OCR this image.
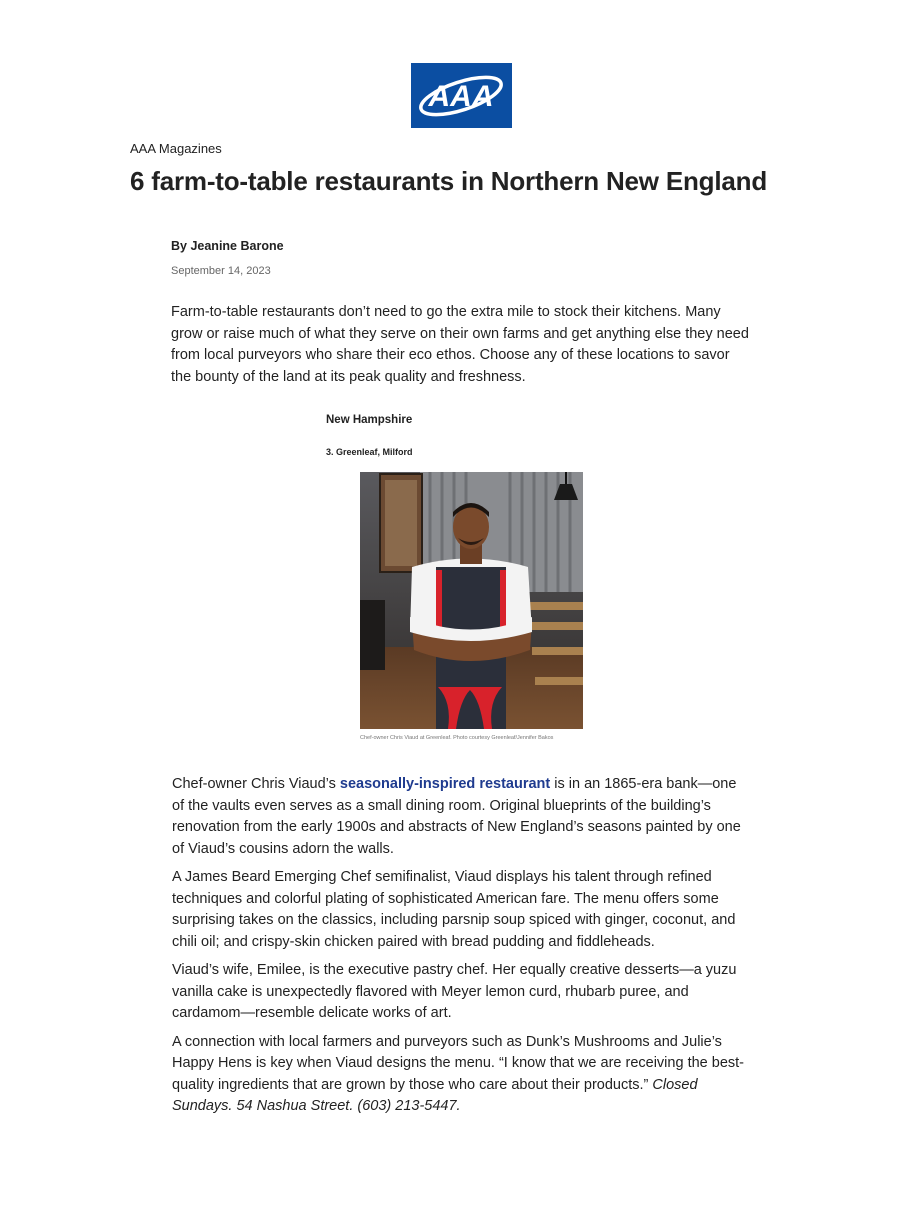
AAA
AAA Magazines
6 farm-to-table restaurants in Northern New England
By Jeanine Barone
September 14, 2023

Farm-to-table restaurants don’t need to go the extra mile to stock their kitchens. Many grow or raise much of what they serve on their own farms and get anything else they need from local purveyors who share their eco ethos. Choose any of these locations to savor the bounty of the land at its peak quality and freshness.

New Hampshire
3. Greenleaf, Milford
Chef-owner Chris Viaud at Greenleaf. Photo courtesy Greenleaf/Jennifer Bakos

Chef-owner Chris Viaud’s seasonally-inspired restaurant is in an 1865-era bank—one of the vaults even serves as a small dining room. Original blueprints of the building’s renovation from the early 1900s and abstracts of New England’s seasons painted by one of Viaud’s cousins adorn the walls.

A James Beard Emerging Chef semifinalist, Viaud displays his talent through refined techniques and colorful plating of sophisticated American fare. The menu offers some surprising takes on the classics, including parsnip soup spiced with ginger, coconut, and chili oil; and crispy-skin chicken paired with bread pudding and fiddleheads.

Viaud’s wife, Emilee, is the executive pastry chef. Her equally creative desserts—a yuzu vanilla cake is unexpectedly flavored with Meyer lemon curd, rhubarb puree, and cardamom—resemble delicate works of art.

A connection with local farmers and purveyors such as Dunk’s Mushrooms and Julie’s Happy Hens is key when Viaud designs the menu. “I know that we are receiving the best-quality ingredients that are grown by those who care about their products.” Closed Sundays. 54 Nashua Street. (603) 213-5447.
